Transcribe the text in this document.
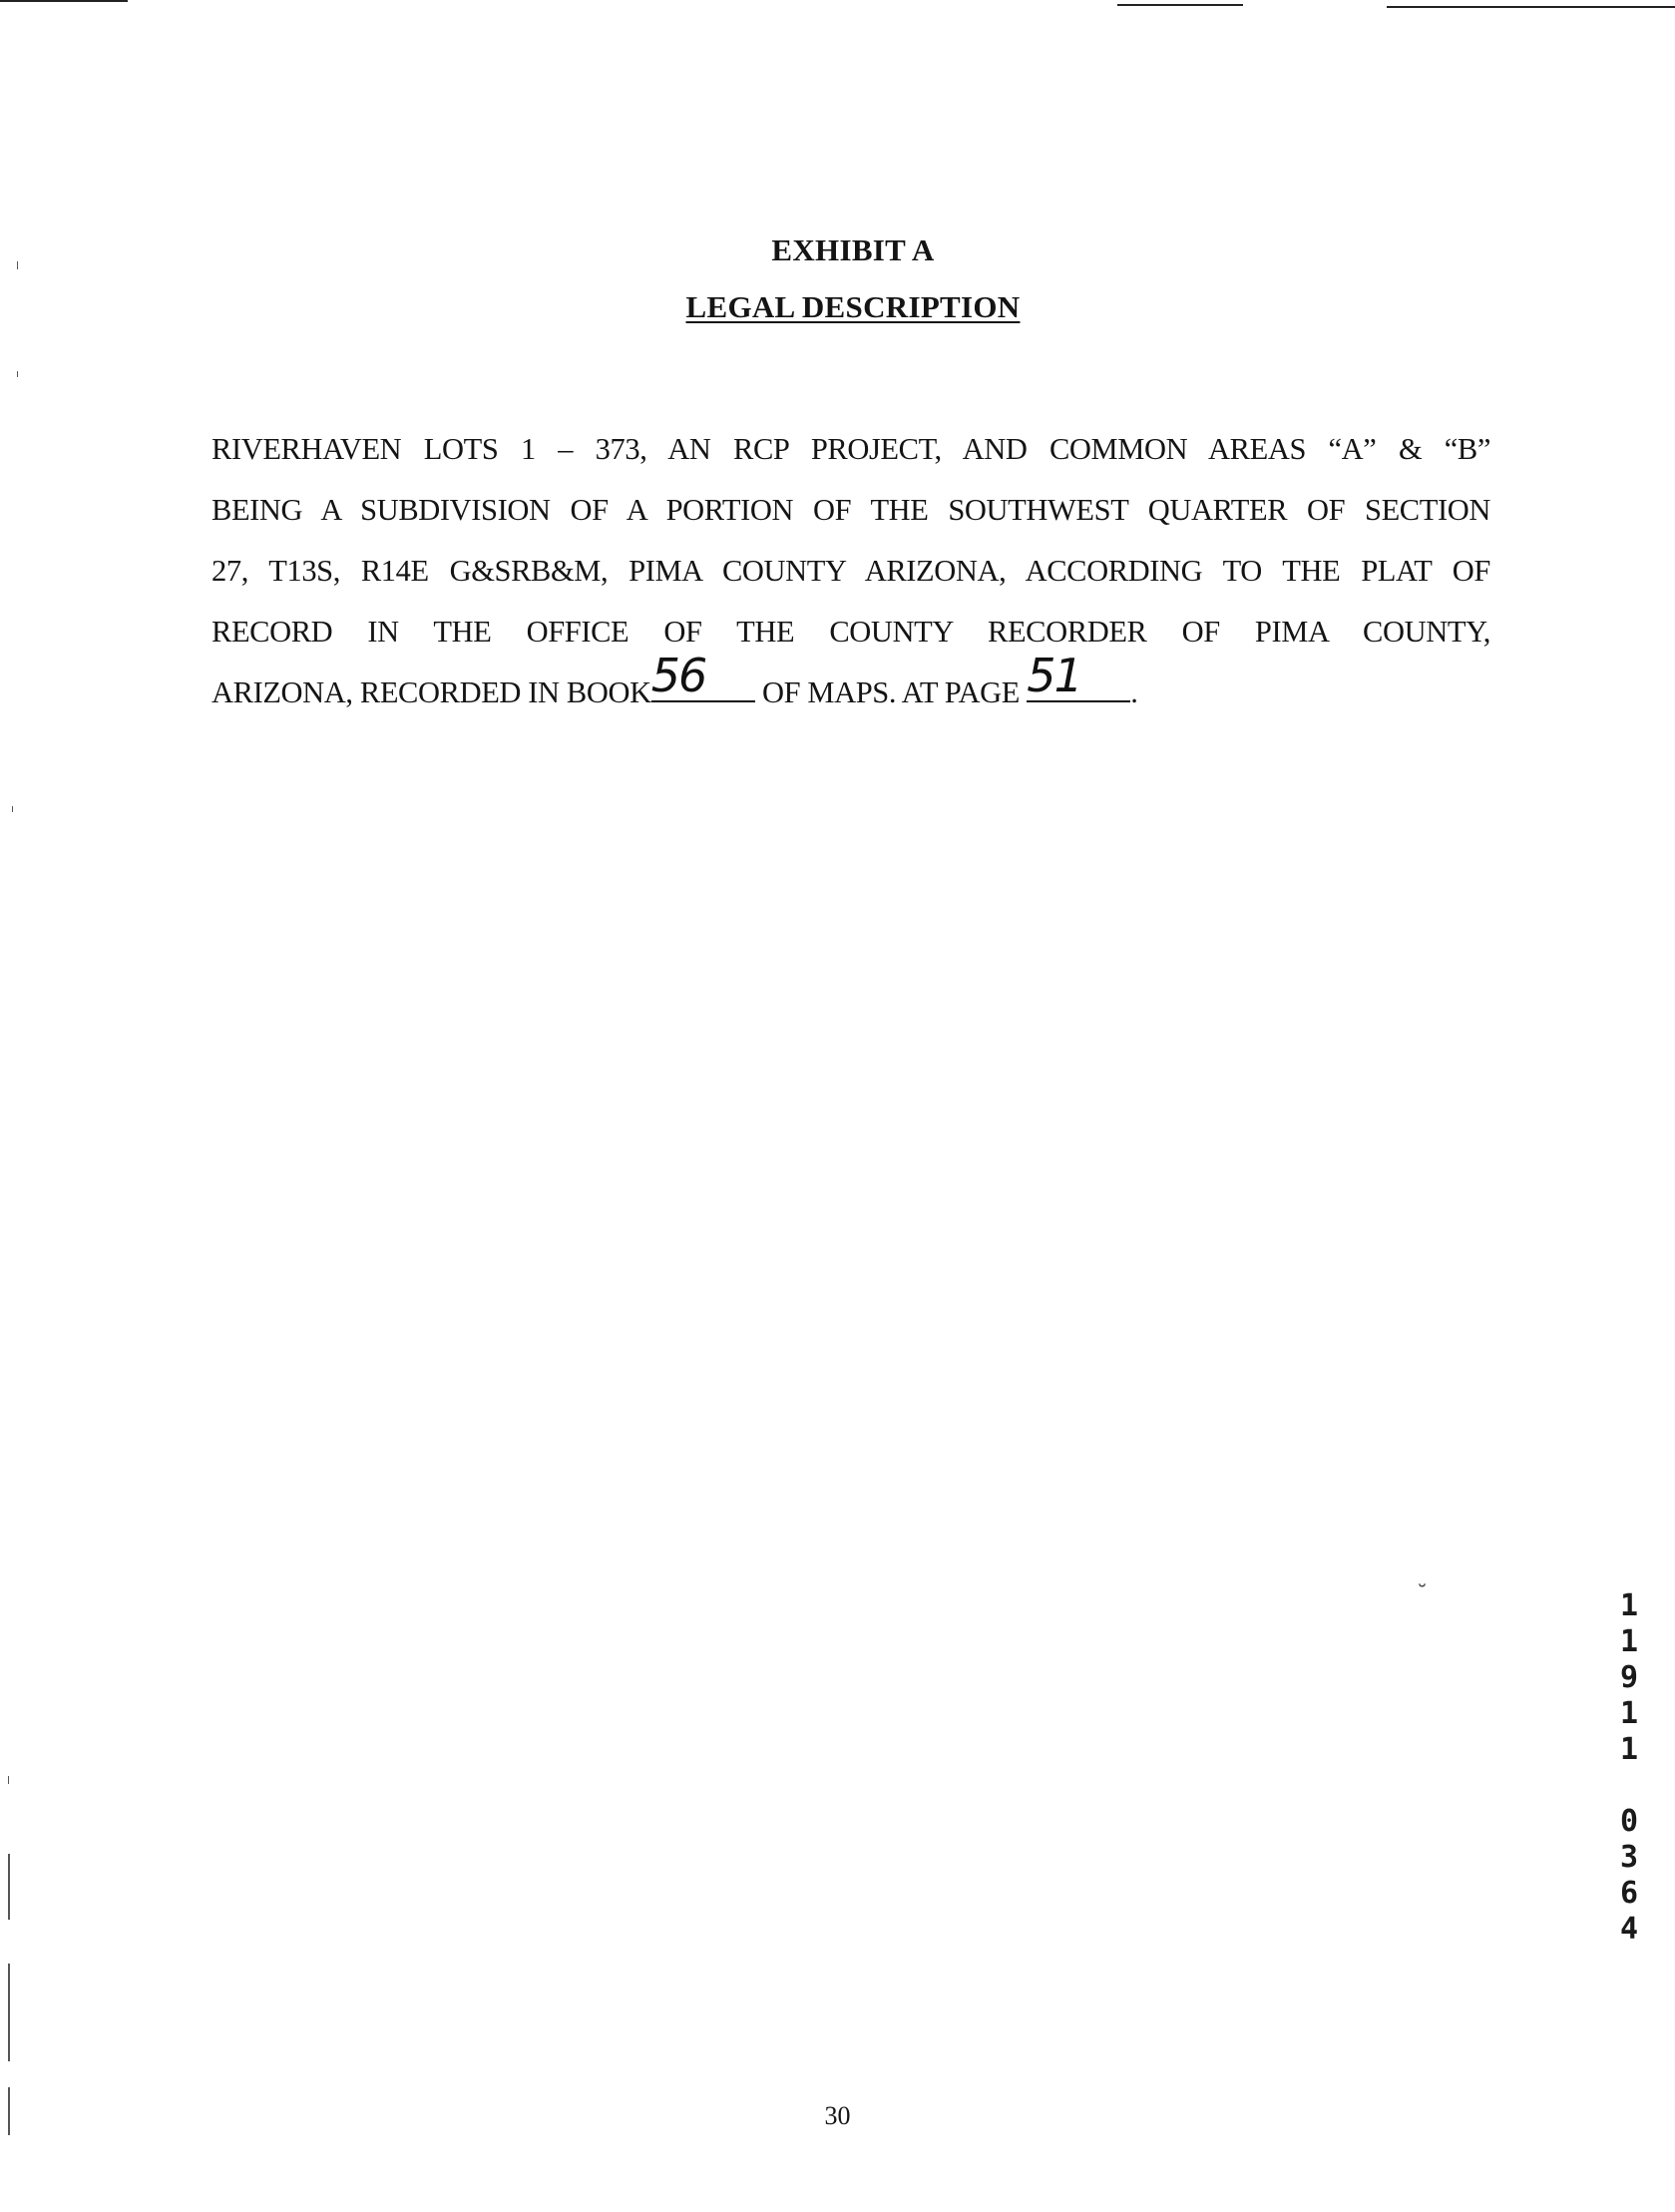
EXHIBIT A
LEGAL DESCRIPTION
RIVERHAVEN LOTS 1 – 373, AN RCP PROJECT, AND COMMON AREAS “A” & “B”
BEING A SUBDIVISION OF A PORTION OF THE SOUTHWEST QUARTER OF SECTION
27, T13S, R14E G&SRB&M, PIMA COUNTY ARIZONA, ACCORDING TO THE PLAT OF
RECORD IN THE OFFICE OF THE COUNTY RECORDER OF PIMA COUNTY,
ARIZONA, RECORDED IN BOOK 56	OF MAPS. AT PAGE 51	.
˘	1
1
9
1
1
0
3
6
4
30
